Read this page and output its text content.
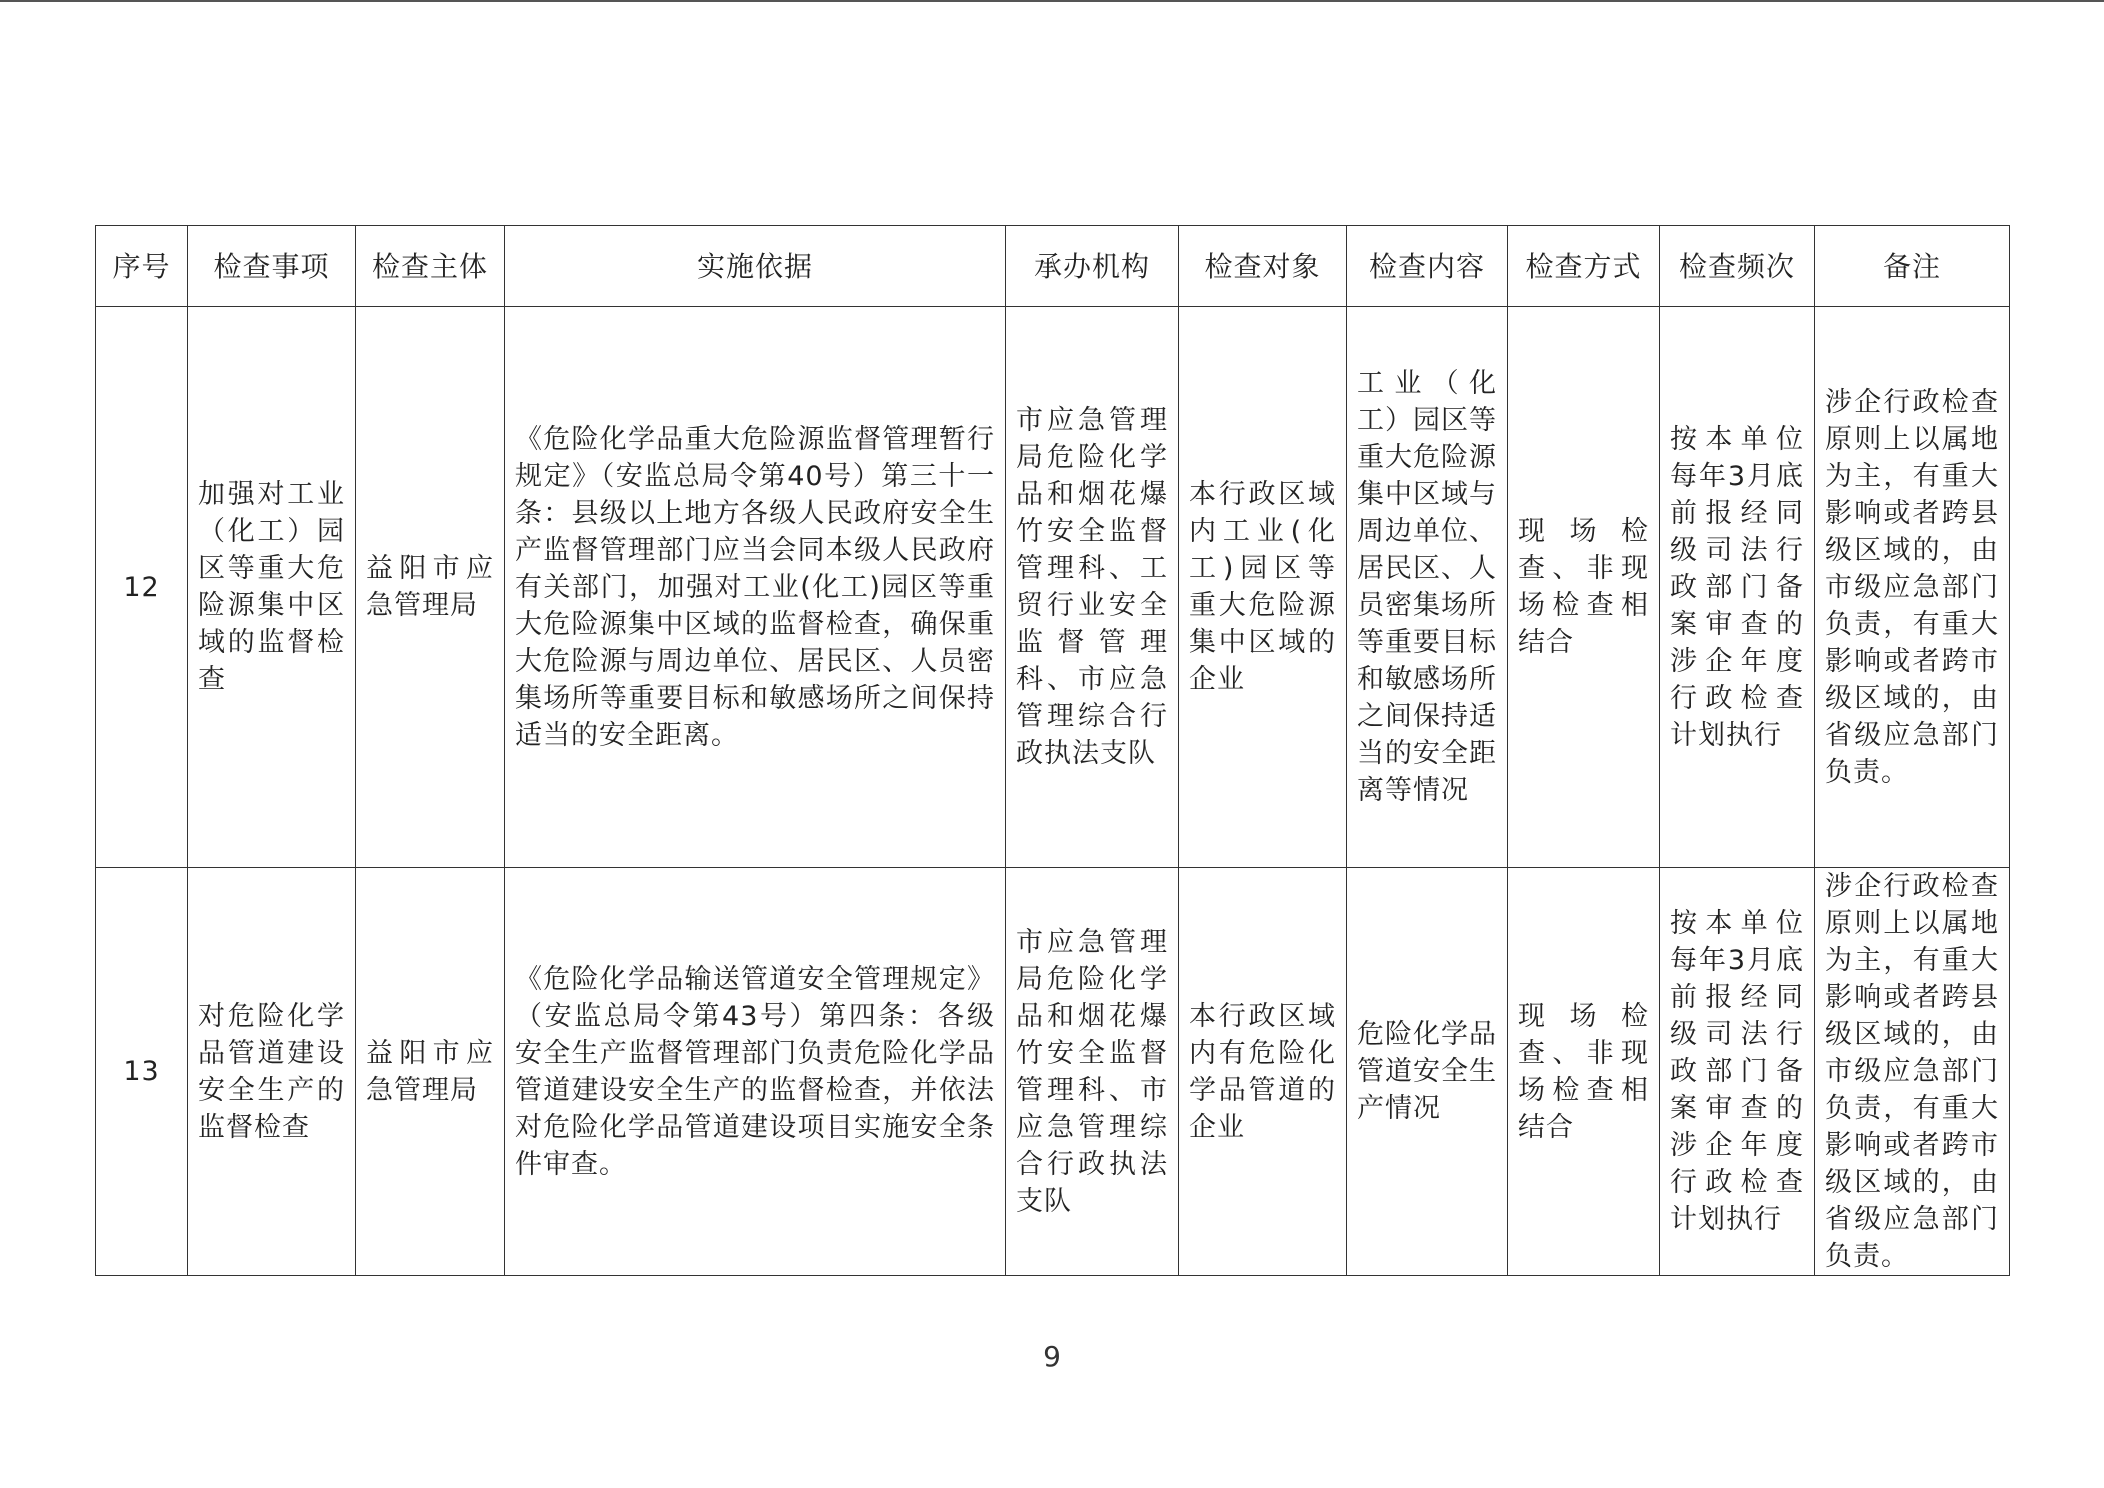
序号	检查事项	检查主体	实施依据	承办机构	检查对象	检查内容	检查方式	检查频次	备注
12	加强对工业（化工）园区等重大危险源集中区域的监督检查	益阳市应急管理局	《危险化学品重大危险源监督管理暂行规定》（安监总局令第40号）第三十一条：县级以上地方各级人民政府安全生产监督管理部门应当会同本级人民政府有关部门，加强对工业(化工)园区等重大危险源集中区域的监督检查，确保重大危险源与周边单位、居民区、人员密集场所等重要目标和敏感场所之间保持适当的安全距离。	市应急管理局危险化学品和烟花爆竹安全监督管理科、工贸行业安全监督管理科、市应急管理综合行政执法支队	本行政区域内工业(化工)园区等重大危险源集中区域的企业	工业（化工）园区等重大危险源集中区域与周边单位、居民区、人员密集场所等重要目标和敏感场所之间保持适当的安全距离等情况	现场检查、非现场检查相结合	按本单位每年3月底前报经同级司法行政部门备案审查的涉企年度行政检查计划执行	涉企行政检查原则上以属地为主，有重大影响或者跨县级区域的，由市级应急部门负责，有重大影响或者跨市级区域的，由省级应急部门负责。
13	对危险化学品管道建设安全生产的监督检查	益阳市应急管理局	《危险化学品输送管道安全管理规定》（安监总局令第43号）第四条：各级安全生产监督管理部门负责危险化学品管道建设安全生产的监督检查，并依法对危险化学品管道建设项目实施安全条件审查。	市应急管理局危险化学品和烟花爆竹安全监督管理科、市应急管理综合行政执法支队	本行政区域内有危险化学品管道的企业	危险化学品管道安全生产情况	现场检查、非现场检查相结合	按本单位每年3月底前报经同级司法行政部门备案审查的涉企年度行政检查计划执行	涉企行政检查原则上以属地为主，有重大影响或者跨县级区域的，由市级应急部门负责，有重大影响或者跨市级区域的，由省级应急部门负责。
9
